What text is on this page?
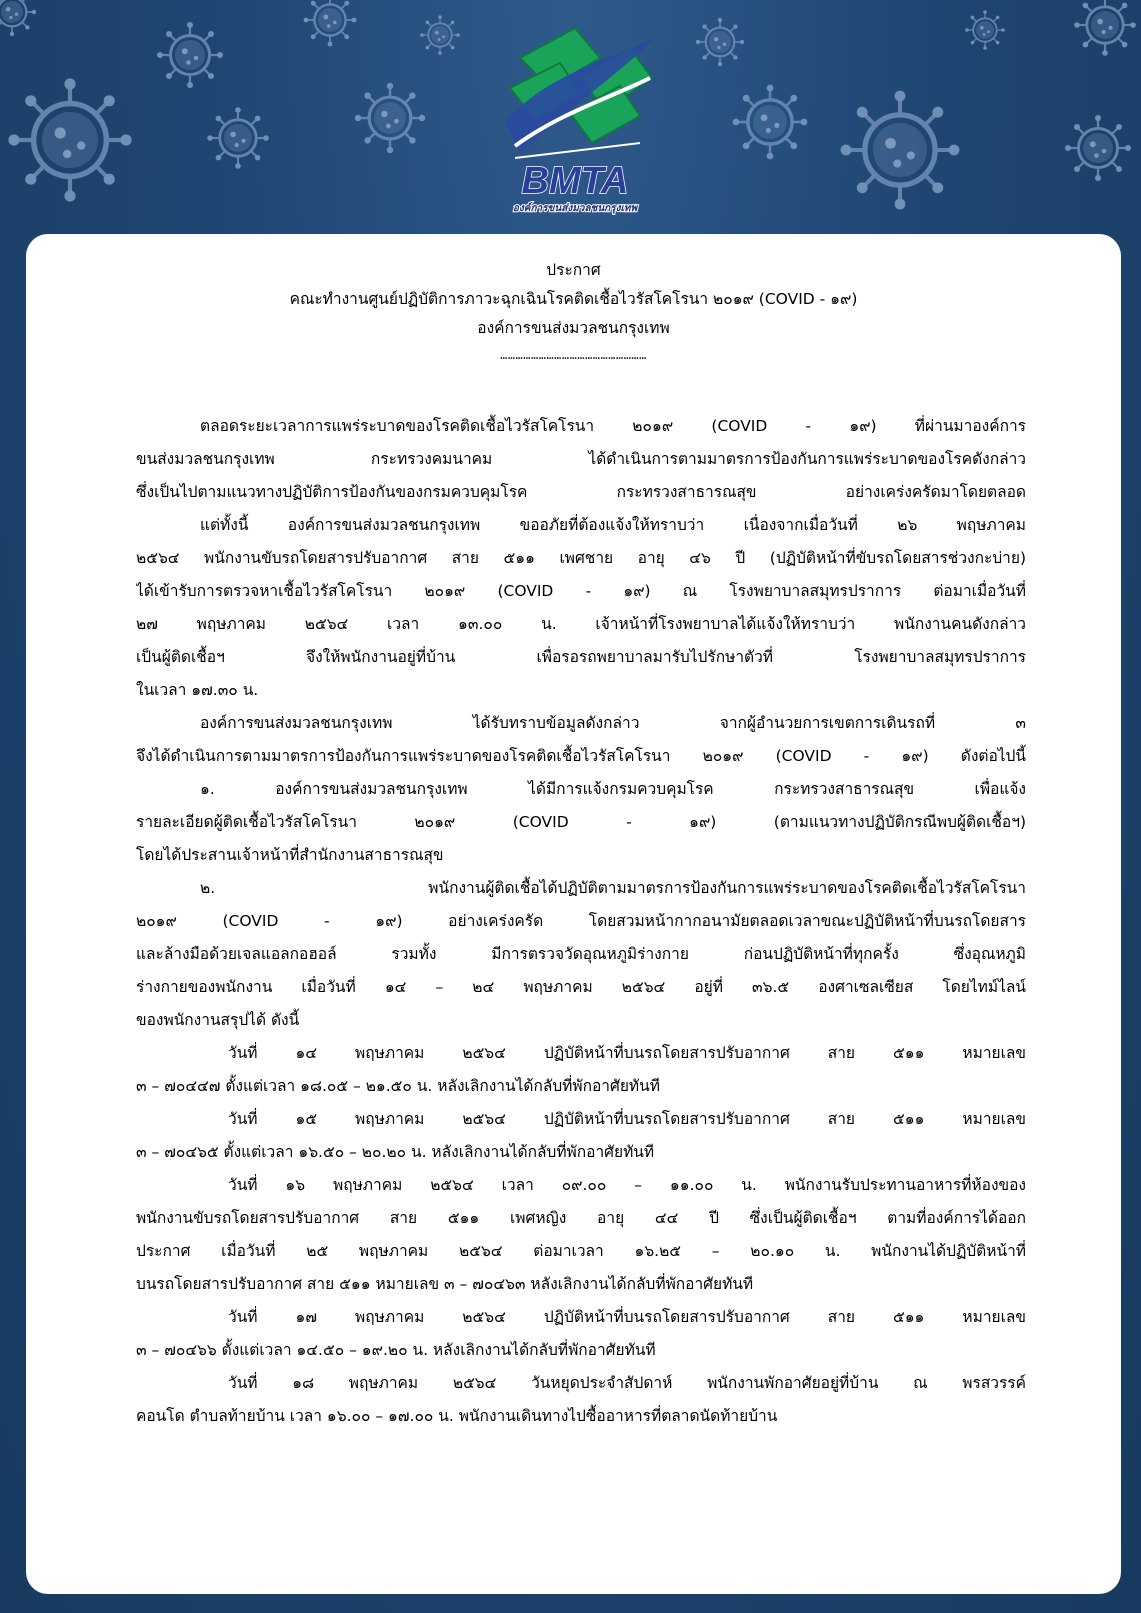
BMTA
องค์การขนส่งมวลชนกรุงเทพ
ประกาศ
คณะทำงานศูนย์ปฏิบัติการภาวะฉุกเฉินโรคติดเชื้อไวรัสโคโรนา ๒๐๑๙ (COVID - ๑๙)
องค์การขนส่งมวลชนกรุงเทพ
…………………………………………………
ตลอดระยะเวลาการแพร่ระบาดของโรคติดเชื้อไวรัสโคโรนา ๒๐๑๙ (COVID - ๑๙) ที่ผ่านมาองค์การ
ขนส่งมวลชนกรุงเทพ กระทรวงคมนาคม ได้ดำเนินการตามมาตรการป้องกันการแพร่ระบาดของโรคดังกล่าว
ซึ่งเป็นไปตามแนวทางปฏิบัติการป้องกันของกรมควบคุมโรค กระทรวงสาธารณสุข อย่างเคร่งครัดมาโดยตลอด
แต่ทั้งนี้ องค์การขนส่งมวลชนกรุงเทพ ขออภัยที่ต้องแจ้งให้ทราบว่า เนื่องจากเมื่อวันที่ ๒๖ พฤษภาคม
๒๕๖๔ พนักงานขับรถโดยสารปรับอากาศ สาย ๕๑๑ เพศชาย อายุ ๔๖ ปี (ปฏิบัติหน้าที่ขับรถโดยสารช่วงกะบ่าย)
ได้เข้ารับการตรวจหาเชื้อไวรัสโคโรนา ๒๐๑๙ (COVID - ๑๙) ณ โรงพยาบาลสมุทรปราการ ต่อมาเมื่อวันที่
๒๗ พฤษภาคม ๒๕๖๔ เวลา ๑๓.๐๐ น. เจ้าหน้าที่โรงพยาบาลได้แจ้งให้ทราบว่า พนักงานคนดังกล่าว
เป็นผู้ติดเชื้อฯ จึงให้พนักงานอยู่ที่บ้าน เพื่อรอรถพยาบาลมารับไปรักษาตัวที่ โรงพยาบาลสมุทรปราการ
ในเวลา ๑๗.๓๐ น.
องค์การขนส่งมวลชนกรุงเทพ ได้รับทราบข้อมูลดังกล่าว จากผู้อำนวยการเขตการเดินรถที่ ๓
จึงได้ดำเนินการตามมาตรการป้องกันการแพร่ระบาดของโรคติดเชื้อไวรัสโคโรนา ๒๐๑๙ (COVID - ๑๙) ดังต่อไปนี้
๑. องค์การขนส่งมวลชนกรุงเทพ ได้มีการแจ้งกรมควบคุมโรค กระทรวงสาธารณสุข เพื่อแจ้ง
รายละเอียดผู้ติดเชื้อไวรัสโคโรนา ๒๐๑๙ (COVID - ๑๙) (ตามแนวทางปฏิบัติกรณีพบผู้ติดเชื้อฯ)
โดยได้ประสานเจ้าหน้าที่สำนักงานสาธารณสุข
๒. พนักงานผู้ติดเชื้อได้ปฏิบัติตามมาตรการป้องกันการแพร่ระบาดของโรคติดเชื้อไวรัสโคโรนา
๒๐๑๙ (COVID - ๑๙) อย่างเคร่งครัด โดยสวมหน้ากากอนามัยตลอดเวลาขณะปฏิบัติหน้าที่บนรถโดยสาร
และล้างมือด้วยเจลแอลกอฮอล์ รวมทั้ง มีการตรวจวัดอุณหภูมิร่างกาย ก่อนปฏิบัติหน้าที่ทุกครั้ง ซึ่งอุณหภูมิ
ร่างกายของพนักงาน เมื่อวันที่ ๑๔ – ๒๔ พฤษภาคม ๒๕๖๔ อยู่ที่ ๓๖.๕ องศาเซลเซียส โดยไทม์ไลน์
ของพนักงานสรุปได้ ดังนี้
วันที่ ๑๔ พฤษภาคม ๒๕๖๔ ปฏิบัติหน้าที่บนรถโดยสารปรับอากาศ สาย ๕๑๑ หมายเลข
๓ – ๗๐๔๔๗ ตั้งแต่เวลา ๑๘.๐๕ – ๒๑.๕๐ น. หลังเลิกงานได้กลับที่พักอาศัยทันที
วันที่ ๑๕ พฤษภาคม ๒๕๖๔ ปฏิบัติหน้าที่บนรถโดยสารปรับอากาศ สาย ๕๑๑ หมายเลข
๓ – ๗๐๔๖๕ ตั้งแต่เวลา ๑๖.๕๐ – ๒๐.๒๐ น. หลังเลิกงานได้กลับที่พักอาศัยทันที
วันที่ ๑๖ พฤษภาคม ๒๕๖๔ เวลา ๐๙.๐๐ – ๑๑.๐๐ น. พนักงานรับประทานอาหารที่ห้องของ
พนักงานขับรถโดยสารปรับอากาศ สาย ๕๑๑ เพศหญิง อายุ ๔๔ ปี ซึ่งเป็นผู้ติดเชื้อฯ ตามที่องค์การได้ออก
ประกาศ เมื่อวันที่ ๒๕ พฤษภาคม ๒๕๖๔ ต่อมาเวลา ๑๖.๒๕ – ๒๐.๑๐ น. พนักงานได้ปฏิบัติหน้าที่
บนรถโดยสารปรับอากาศ สาย ๕๑๑ หมายเลข ๓ – ๗๐๔๖๓ หลังเลิกงานได้กลับที่พักอาศัยทันที
วันที่ ๑๗ พฤษภาคม ๒๕๖๔ ปฏิบัติหน้าที่บนรถโดยสารปรับอากาศ สาย ๕๑๑ หมายเลข
๓ – ๗๐๔๖๖ ตั้งแต่เวลา ๑๔.๕๐ – ๑๙.๒๐ น. หลังเลิกงานได้กลับที่พักอาศัยทันที
วันที่ ๑๘ พฤษภาคม ๒๕๖๔ วันหยุดประจำสัปดาห์ พนักงานพักอาศัยอยู่ที่บ้าน ณ พรสวรรค์
คอนโด ตำบลท้ายบ้าน เวลา ๑๖.๐๐ – ๑๗.๐๐ น. พนักงานเดินทางไปซื้ออาหารที่ตลาดนัดท้ายบ้าน
